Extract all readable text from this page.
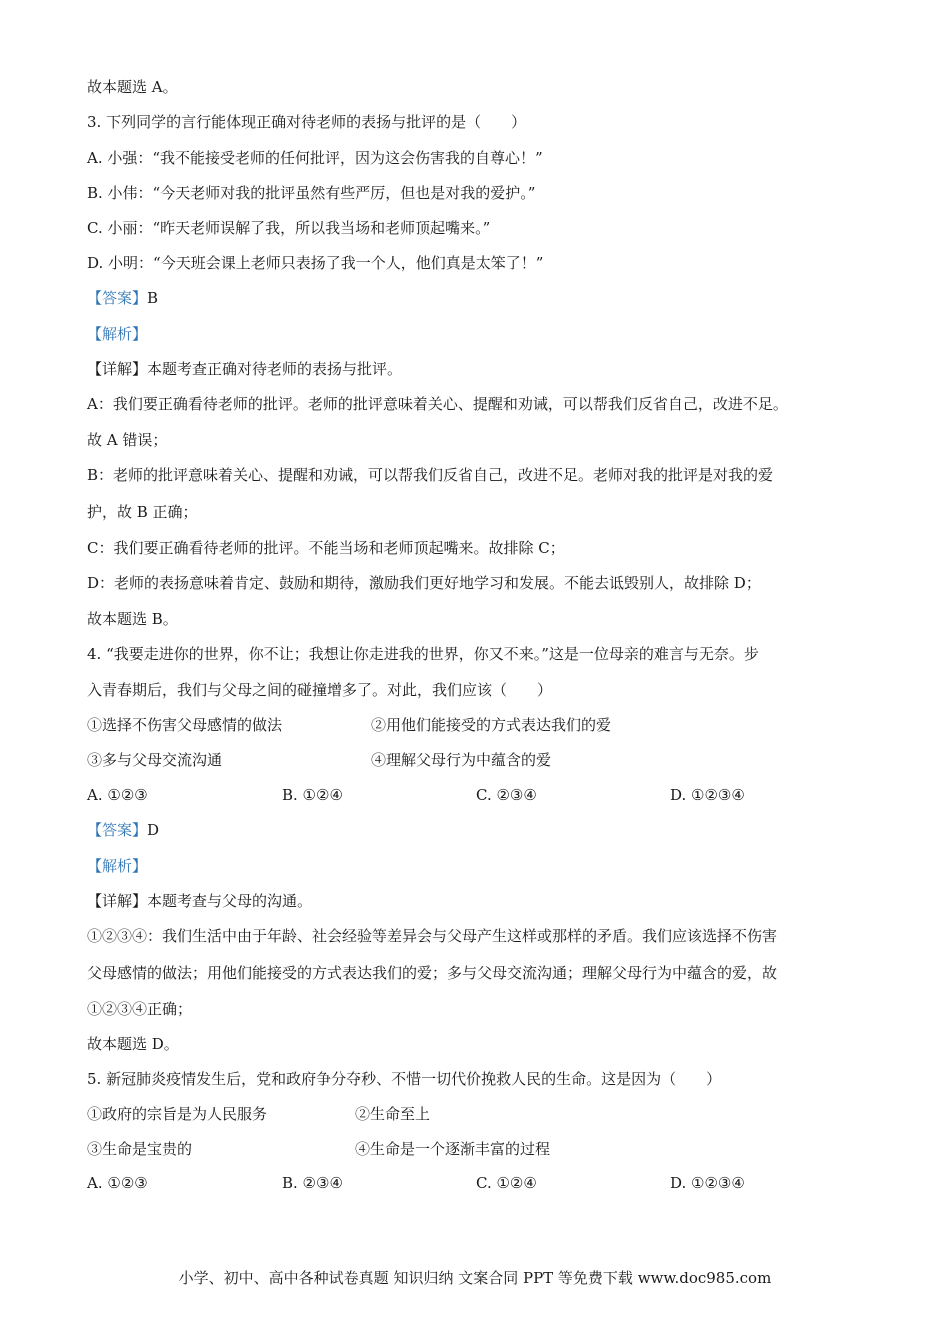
故本题选 A。
3. 下列同学的言行能体现正确对待老师的表扬与批评的是（　　）
A. 小强：“我不能接受老师的任何批评，因为这会伤害我的自尊心！”
B. 小伟：“今天老师对我的批评虽然有些严厉，但也是对我的爱护。”
C. 小丽：“昨天老师误解了我，所以我当场和老师顶起嘴来。”
D. 小明：“今天班会课上老师只表扬了我一个人，他们真是太笨了！”
【答案】B
【解析】
【详解】本题考查正确对待老师的表扬与批评。
A：我们要正确看待老师的批评。老师的批评意味着关心、提醒和劝诫，可以帮我们反省自己，改进不足。
故 A 错误；
B：老师的批评意味着关心、提醒和劝诫，可以帮我们反省自己，改进不足。老师对我的批评是对我的爱
护，故 B 正确；
C：我们要正确看待老师的批评。不能当场和老师顶起嘴来。故排除 C；
D：老师的表扬意味着肯定、鼓励和期待，激励我们更好地学习和发展。不能去诋毁别人，故排除 D；
故本题选 B。
4. “我要走进你的世界，你不让；我想让你走进我的世界，你又不来。”这是一位母亲的难言与无奈。步
入青春期后，我们与父母之间的碰撞增多了。对此，我们应该（　　）
①选择不伤害父母感情的做法	②用他们能接受的方式表达我们的爱
③多与父母交流沟通	④理解父母行为中蕴含的爱
A. ①②③	B. ①②④	C. ②③④	D. ①②③④
【答案】D
【解析】
【详解】本题考查与父母的沟通。
①②③④：我们生活中由于年龄、社会经验等差异会与父母产生这样或那样的矛盾。我们应该选择不伤害
父母感情的做法；用他们能接受的方式表达我们的爱；多与父母交流沟通；理解父母行为中蕴含的爱，故
①②③④正确；
故本题选 D。
5. 新冠肺炎疫情发生后，党和政府争分夺秒、不惜一切代价挽救人民的生命。这是因为（　　）
①政府的宗旨是为人民服务	②生命至上
③生命是宝贵的	④生命是一个逐渐丰富的过程
A. ①②③	B. ②③④	C. ①②④	D. ①②③④
小学、初中、高中各种试卷真题 知识归纳 文案合同 PPT 等免费下载 www.doc985.com
